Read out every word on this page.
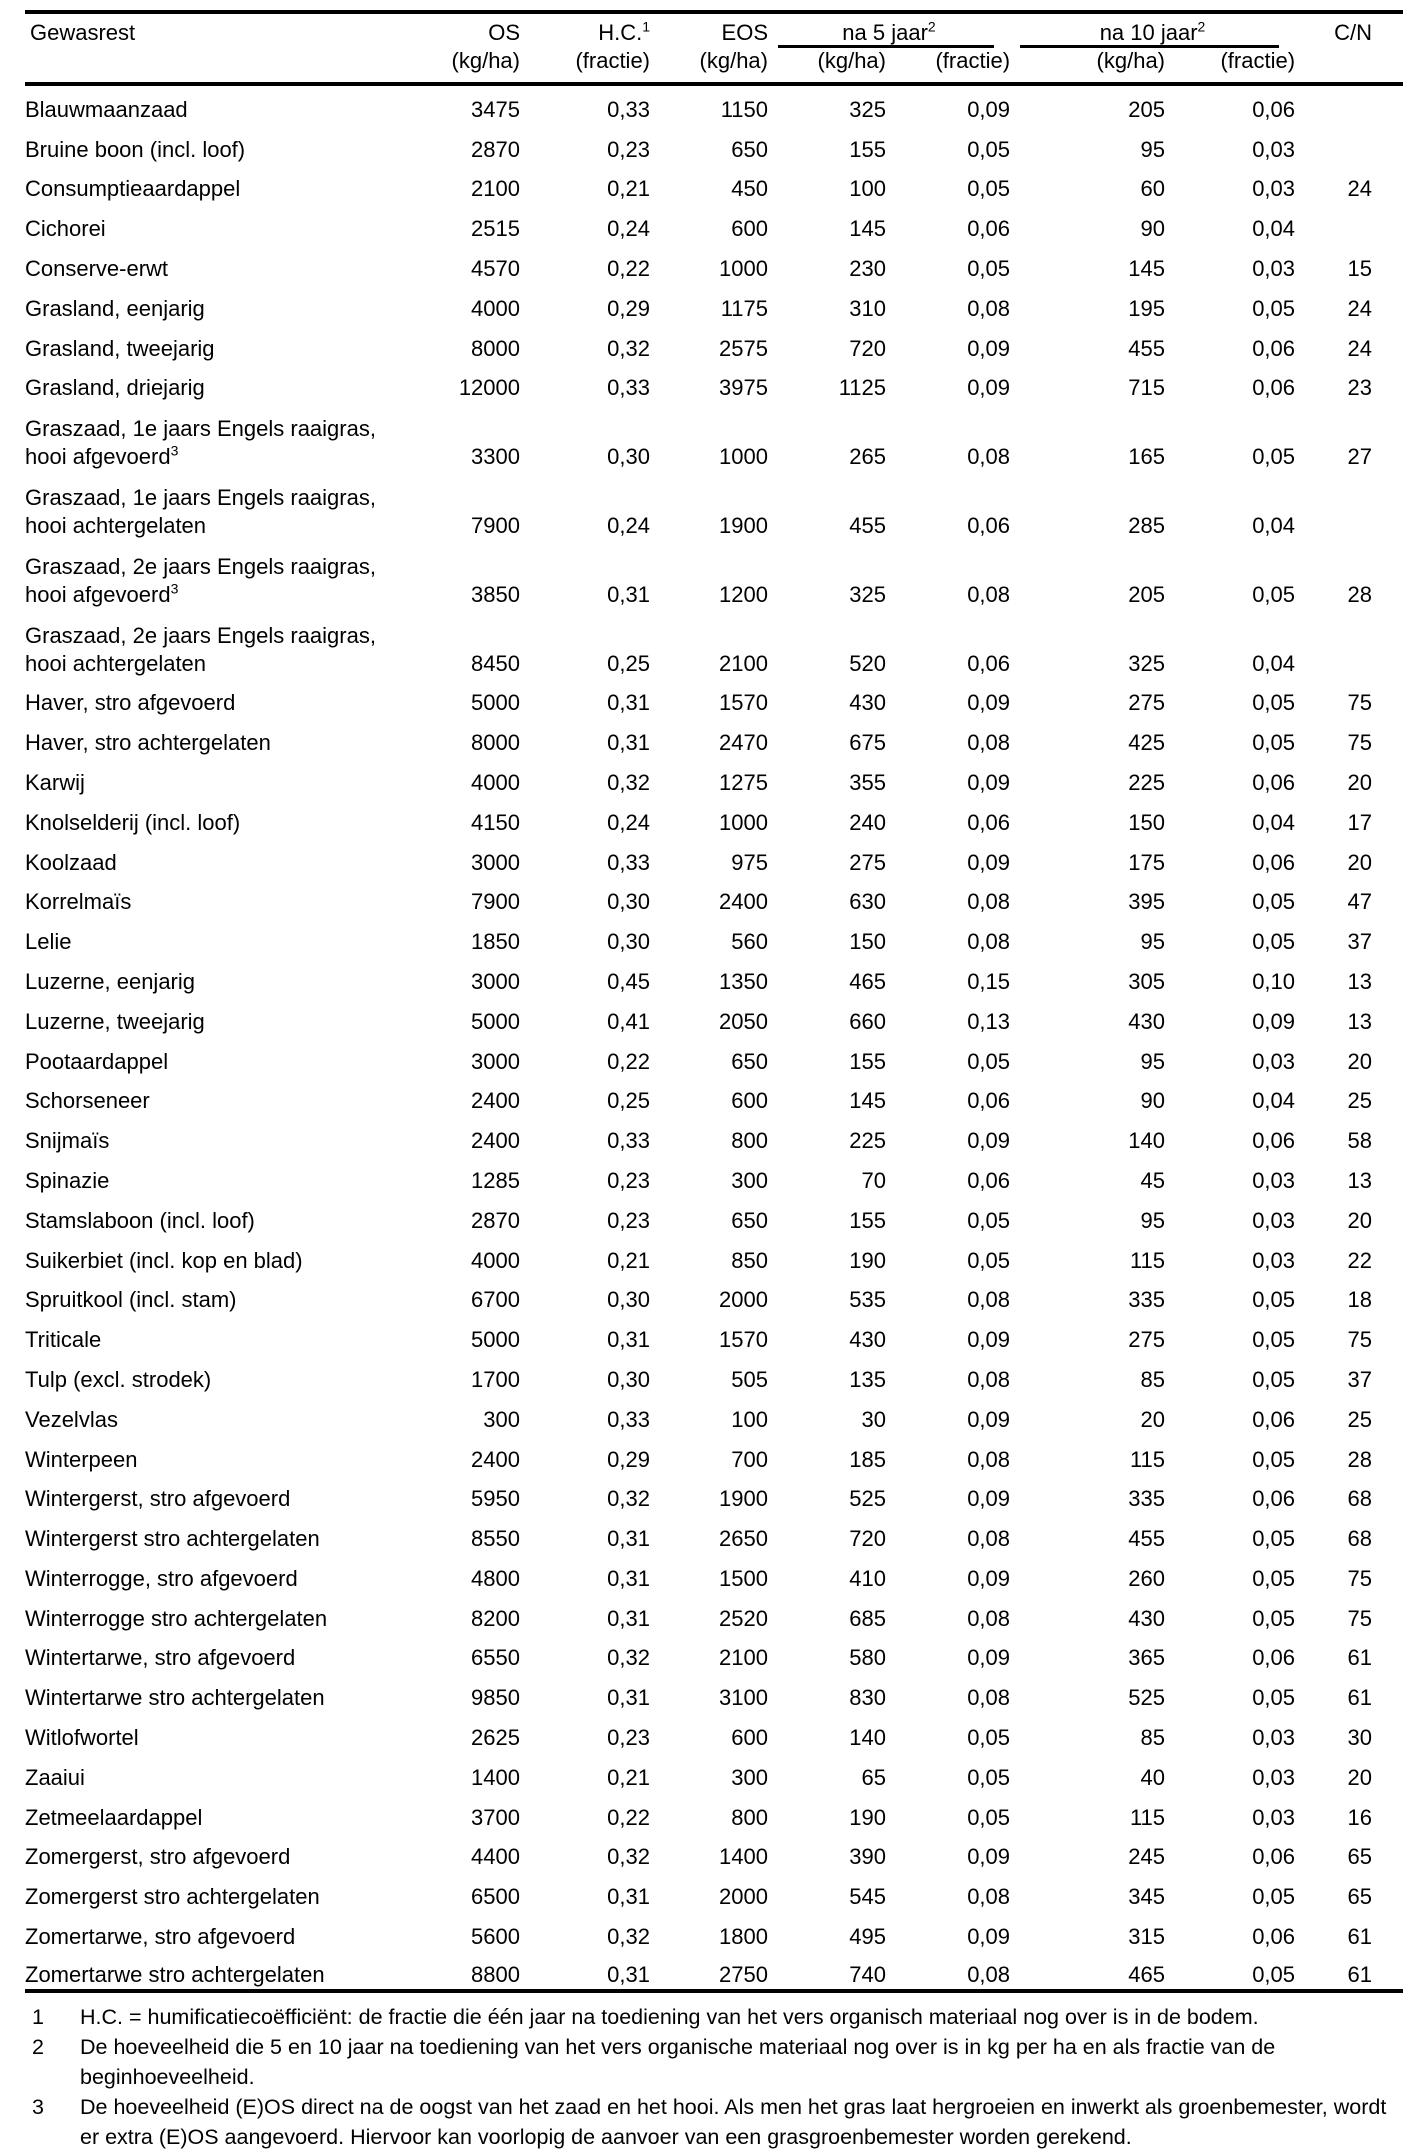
Gewasrest	OS	H.C.$^1$	EOS	na 5 jaar$^2$		na 10 jaar$^2$		C/N
	(kg/ha)	(fractie)	(kg/ha)	(kg/ha)	(fractie)	(kg/ha)	(fractie)	

Blauwmaanzaad	3475	0,33	1150	325	0,09	205	0,06	

Bruine boon (incl. loof)	2870	0,23	650	155	0,05	95	0,03	

Consumptieaardappel	2100	0,21	450	100	0,05	60	0,03	24

Cichorei	2515	0,24	600	145	0,06	90	0,04	

Conserve-erwt	4570	0,22	1000	230	0,05	145	0,03	15

Grasland, eenjarig	4000	0,29	1175	310	0,08	195	0,05	24

Grasland, tweejarig	8000	0,32	2575	720	0,09	455	0,06	24

Grasland, driejarig	12000	0,33	3975	1125	0,09	715	0,06	23

Graszaad, 1e jaars Engels raaigras,
hooi afgevoerd$^3$	3300	0,30	1000	265	0,08	165	0,05	27

Graszaad, 1e jaars Engels raaigras,
hooi achtergelaten	7900	0,24	1900	455	0,06	285	0,04	

Graszaad, 2e jaars Engels raaigras,
hooi afgevoerd$^3$	3850	0,31	1200	325	0,08	205	0,05	28

Graszaad, 2e jaars Engels raaigras,
hooi achtergelaten	8450	0,25	2100	520	0,06	325	0,04	

Haver, stro afgevoerd	5000	0,31	1570	430	0,09	275	0,05	75

Haver, stro achtergelaten	8000	0,31	2470	675	0,08	425	0,05	75

Karwij	4000	0,32	1275	355	0,09	225	0,06	20

Knolselderij (incl. loof)	4150	0,24	1000	240	0,06	150	0,04	17

Koolzaad	3000	0,33	975	275	0,09	175	0,06	20

Korrelmaïs	7900	0,30	2400	630	0,08	395	0,05	47

Lelie	1850	0,30	560	150	0,08	95	0,05	37

Luzerne, eenjarig	3000	0,45	1350	465	0,15	305	0,10	13

Luzerne, tweejarig	5000	0,41	2050	660	0,13	430	0,09	13

Pootaardappel	3000	0,22	650	155	0,05	95	0,03	20

Schorseneer	2400	0,25	600	145	0,06	90	0,04	25

Snijmaïs	2400	0,33	800	225	0,09	140	0,06	58

Spinazie	1285	0,23	300	70	0,06	45	0,03	13

Stamslaboon (incl. loof)	2870	0,23	650	155	0,05	95	0,03	20

Suikerbiet (incl. kop en blad)	4000	0,21	850	190	0,05	115	0,03	22

Spruitkool (incl. stam)	6700	0,30	2000	535	0,08	335	0,05	18

Triticale	5000	0,31	1570	430	0,09	275	0,05	75

Tulp (excl. strodek)	1700	0,30	505	135	0,08	85	0,05	37

Vezelvlas	300	0,33	100	30	0,09	20	0,06	25

Winterpeen	2400	0,29	700	185	0,08	115	0,05	28

Wintergerst, stro afgevoerd	5950	0,32	1900	525	0,09	335	0,06	68

Wintergerst stro achtergelaten	8550	0,31	2650	720	0,08	455	0,05	68

Winterrogge, stro afgevoerd	4800	0,31	1500	410	0,09	260	0,05	75

Winterrogge stro achtergelaten	8200	0,31	2520	685	0,08	430	0,05	75

Wintertarwe, stro afgevoerd	6550	0,32	2100	580	0,09	365	0,06	61

Wintertarwe stro achtergelaten	9850	0,31	3100	830	0,08	525	0,05	61

Witlofwortel	2625	0,23	600	140	0,05	85	0,03	30

Zaaiui	1400	0,21	300	65	0,05	40	0,03	20

Zetmeelaardappel	3700	0,22	800	190	0,05	115	0,03	16

Zomergerst, stro afgevoerd	4400	0,32	1400	390	0,09	245	0,06	65

Zomergerst stro achtergelaten	6500	0,31	2000	545	0,08	345	0,05	65

Zomertarwe, stro afgevoerd	5600	0,32	1800	495	0,09	315	0,06	61

Zomertarwe stro achtergelaten	8800	0,31	2750	740	0,08	465	0,05	61
1	H.C. = humificatiecoëfficiënt: de fractie die één jaar na toediening van het vers organisch materiaal nog over is in de bodem.
2	De hoeveelheid die 5 en 10 jaar na toediening van het vers organische materiaal nog over is in kg per ha en als fractie van de beginhoeveelheid.
3	De hoeveelheid (E)OS direct na de oogst van het zaad en het hooi. Als men het gras laat hergroeien en inwerkt als groenbemester, wordt er extra (E)OS aangevoerd. Hiervoor kan voorlopig de aanvoer van een grasgroenbemester worden gerekend.
